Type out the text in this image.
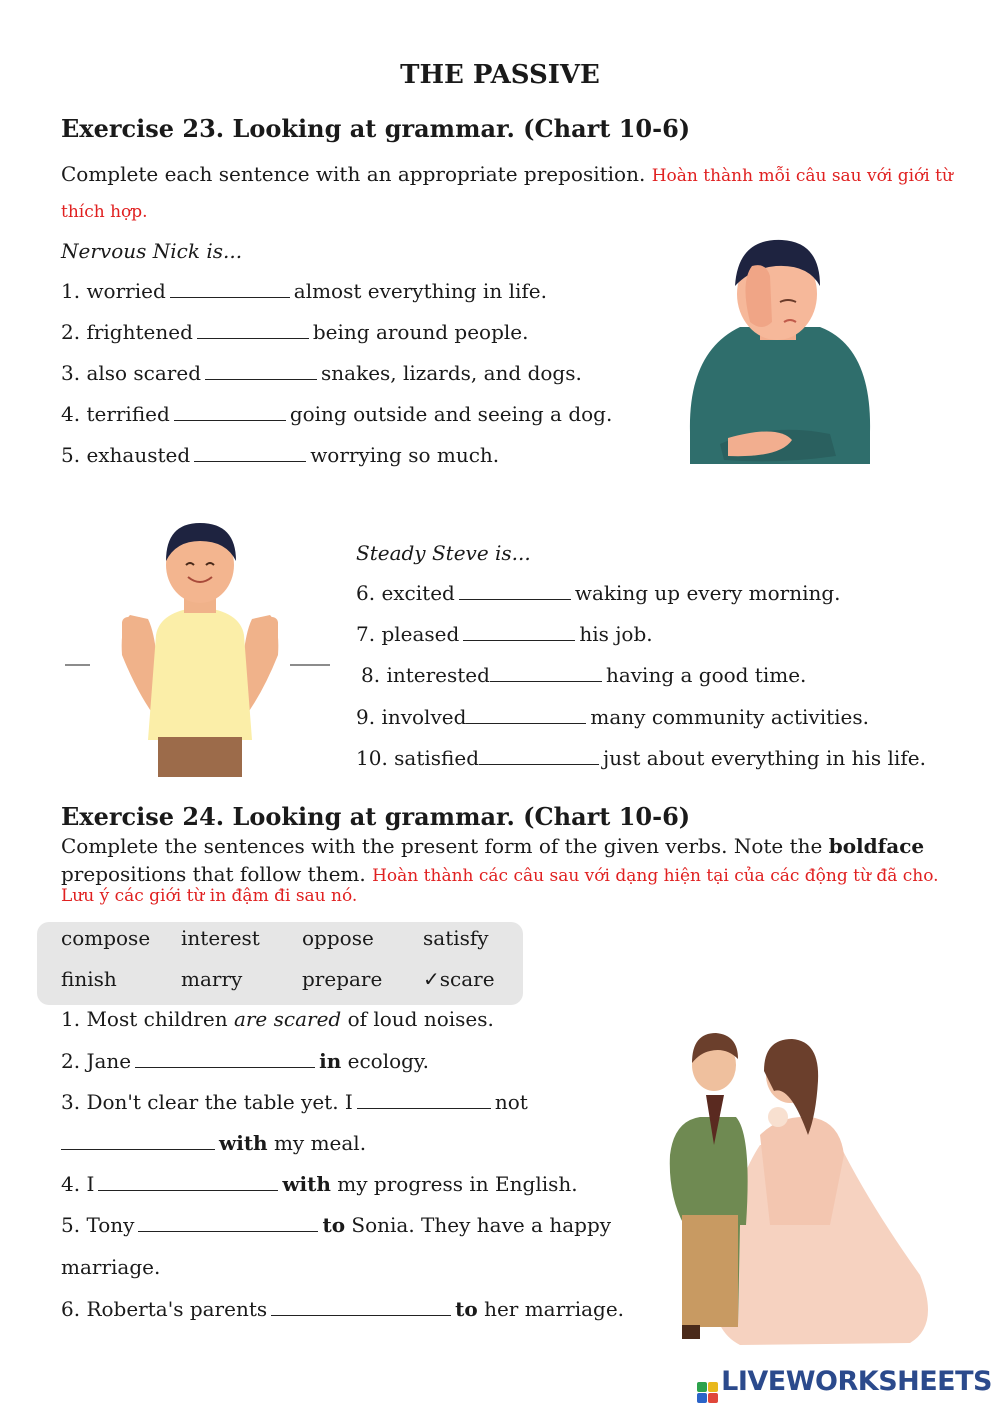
THE PASSIVE
Exercise 23. Looking at grammar. (Chart 10-6)
Complete each sentence with an appropriate preposition. Hoàn thành mỗi câu sau với giới từ
thích hợp.
Nervous Nick is...
1. worried	almost everything in life.
2. frightened	being around people.
3. also scared	snakes, lizards, and dogs.
4. terrified	going outside and seeing a dog.
5. exhausted	worrying so much.
Steady Steve is...
6. excited	waking up every morning.
7. pleased	his job.
8. interested	having a good time.
9. involved	many community activities.
10. satisfied	just about everything in his life.
Exercise 24. Looking at grammar. (Chart 10-6)
Complete the sentences with the present form of the given verbs. Note the boldface
prepositions that follow them. Hoàn thành các câu sau với dạng hiện tại của các động từ đã cho.
Lưu ý các giới từ in đậm đi sau nó.
compose interest oppose satisfy
finish	marry	prepare ✓scare
1. Most children are scared of loud noises.
2. Jane	in ecology.
3. Don't clear the table yet. I	not
with my meal.
4. I	with my progress in English.
5. Tony	to Sonia. They have a happy
marriage.
6. Roberta's parents	to her marriage.
LIVEWORKSHEETS
